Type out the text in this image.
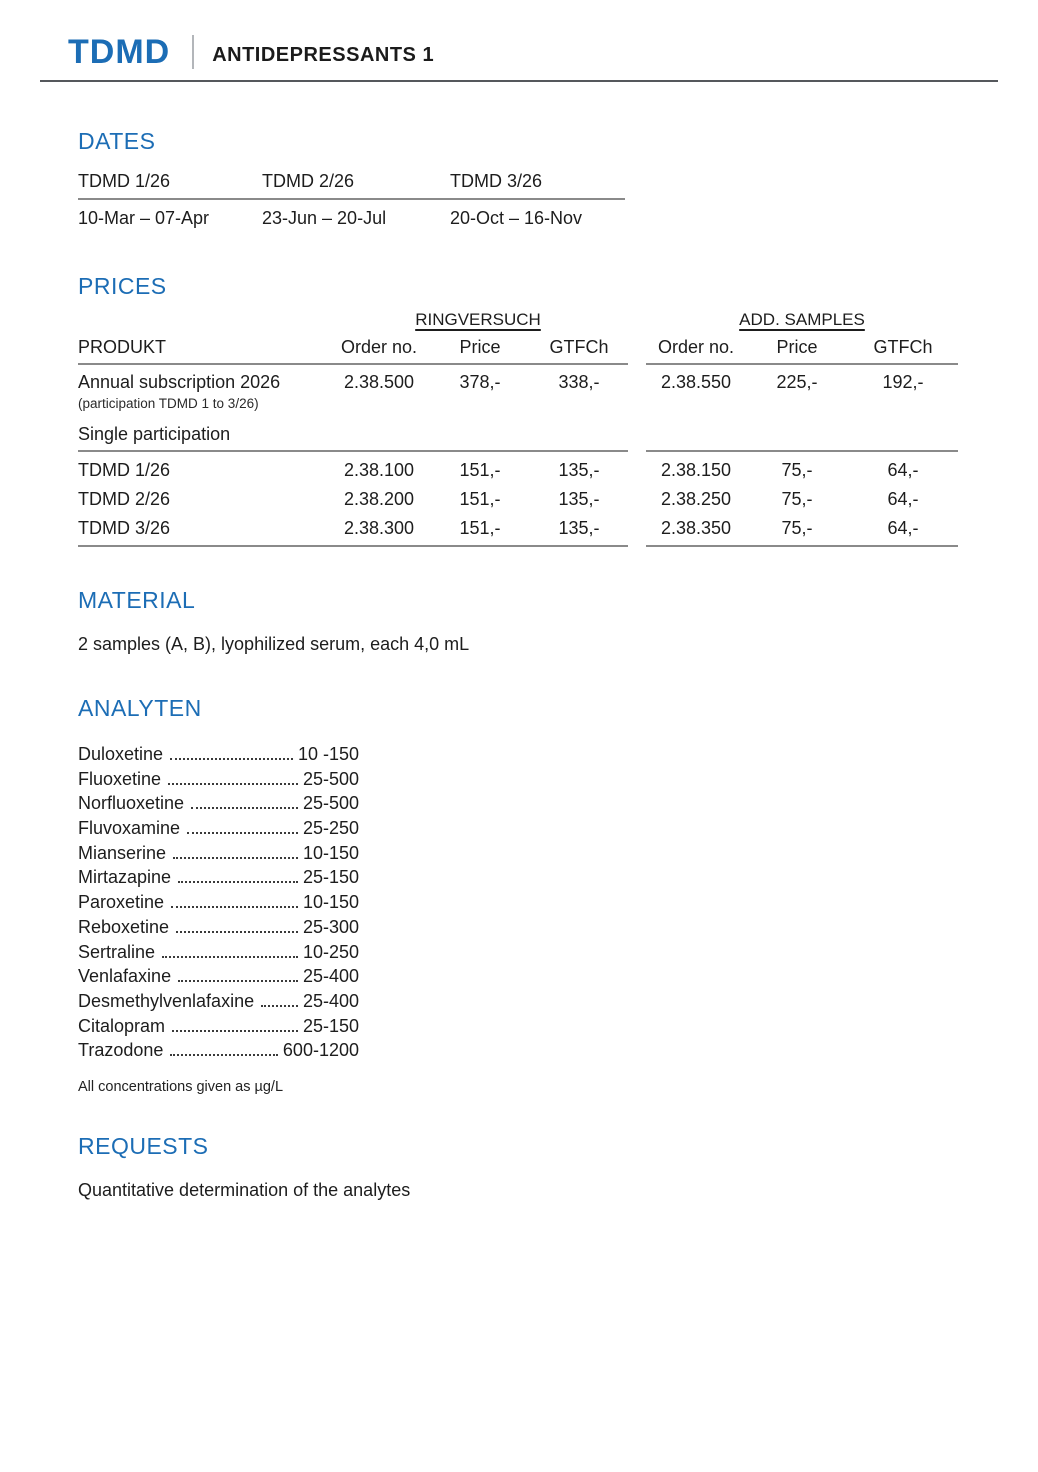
TDMD ANTIDEPRESSANTS 1
DATES
TDMD 1/26	TDMD 2/26	TDMD 3/26
10-Mar – 07-Apr	23-Jun – 20-Jul	20-Oct – 16-Nov
PRICES
RINGVERSUCH	ADD. SAMPLES
PRODUKT	Order no.	Price	GTFCh	Order no.	Price	GTFCh
Annual subscription 2026	2.38.500	378,-	338,-	2.38.550	225,-	192,-
(participation TDMD 1 to 3/26)
Single participation
TDMD 1/26	2.38.100	151,-	135,-	2.38.150	75,-	64,-
TDMD 2/26	2.38.200	151,-	135,-	2.38.250	75,-	64,-
TDMD 3/26	2.38.300	151,-	135,-	2.38.350	75,-	64,-
MATERIAL
2 samples (A, B), lyophilized serum, each 4,0 mL
ANALYTEN
Duloxetine	10 -150
Fluoxetine	25-500
Norfluoxetine	25-500
Fluvoxamine	25-250
Mianserine	10-150
Mirtazapine	25-150
Paroxetine	10-150
Reboxetine	25-300
Sertraline	10-250
Venlafaxine	25-400
Desmethylvenlafaxine	25-400
Citalopram	25-150
Trazodone	600-1200
All concentrations given as µg/L
REQUESTS
Quantitative determination of the analytes
